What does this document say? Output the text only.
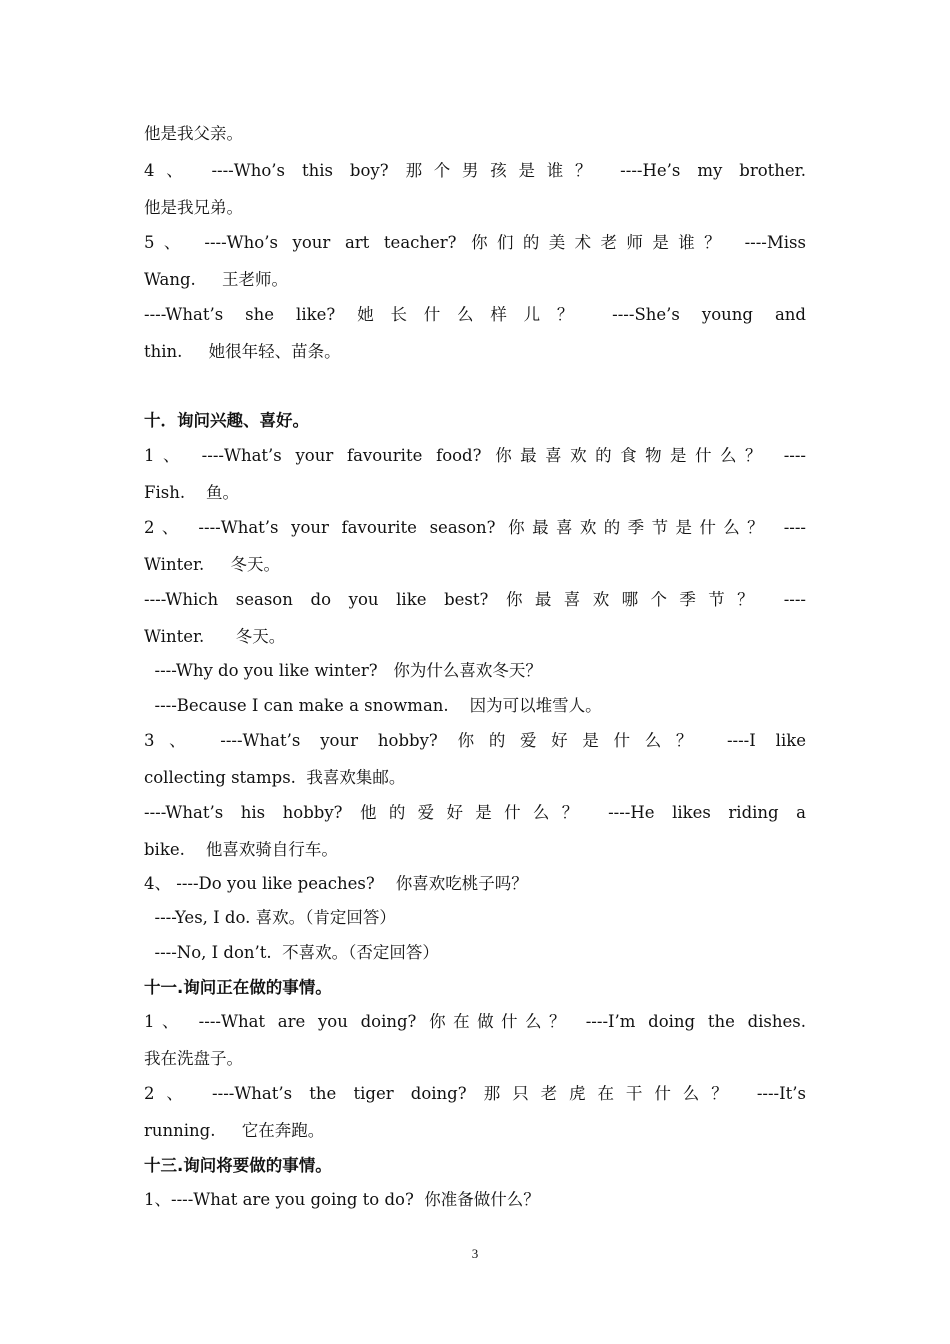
他是我父亲。
4、 ----Who’s this boy? 那个男孩是谁？ ----He’s my brother.
他是我兄弟。
5、 ----Who’s your art teacher? 你们的美术老师是谁？ ----Miss
Wang.     王老师。
----What’s she like? 她长什么样儿？ ----She’s young and
thin.     她很年轻、苗条。
十．询问兴趣、喜好。
1、 ----What’s your favourite food? 你最喜欢的食物是什么？ ----
Fish.    鱼。
2、 ----What’s your favourite season? 你最喜欢的季节是什么？ ----
Winter.     冬天。
----Which season do you like best? 你最喜欢哪个季节？ ----
Winter.      冬天。
----Why do you like winter?   你为什么喜欢冬天？
----Because I can make a snowman.    因为可以堆雪人。
3、 ----What’s your hobby? 你的爱好是什么？ ----I like
collecting stamps.  我喜欢集邮。
----What’s his hobby? 他的爱好是什么？ ----He likes riding a
bike.    他喜欢骑自行车。
4、 ----Do you like peaches?    你喜欢吃桃子吗？
----Yes, I do. 喜欢。（肯定回答）
----No, I don’t.  不喜欢。（否定回答）
十一.询问正在做的事情。
1、 ----What are you doing? 你在做什么？ ----I’m doing the dishes.
我在洗盘子。
2、 ----What’s the tiger doing? 那只老虎在干什么？ ----It’s
running.     它在奔跑。
十三.询问将要做的事情。
1、----What are you going to do?  你准备做什么？
3
